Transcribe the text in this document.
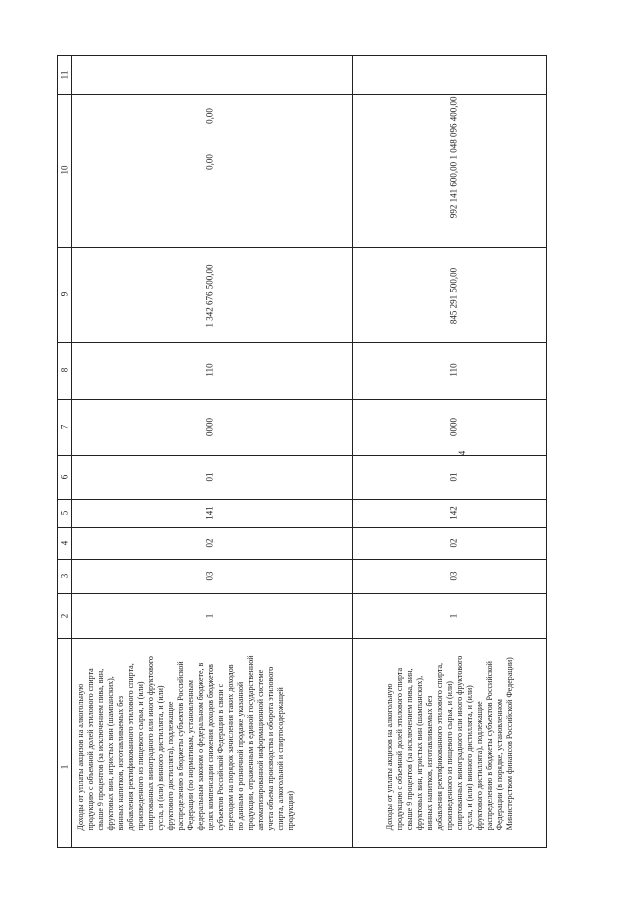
4
1
2
3
4
5
6
7
8
9
10
11
Доходы от уплаты акцизов на алкогольную продукцию с объемной долей этилового спирта свыше 9 процентов (за исключением пива, вин, фруктовых вин, игристых вин (шампанских), винных напитков, изготавливаемых без добавления ректификованного этилового спирта, произведенного из пищевого сырья, и (или) спиртованных виноградного или иного фруктового сусла, и (или) винного дистиллята, и (или) фруктового дистиллята), подлежащие распределению в бюджеты субъектов Российской Федерации (по нормативам, установленным федеральным законом о федеральном бюджете, в целях компенсации снижения доходов бюджетов субъектов Российской Федерации в связи с переходом на порядок зачисления таких доходов по данным о розничной продаже указанной продукции, отраженным в единой государственной автоматизированной информационной системе учета объема производства и оборота этилового спирта, алкогольной и спиртосодержащей продукции)
1
03
02
141
01
0000
110
1 342 676 500,00
0,00
0,00
Доходы от уплаты акцизов на алкогольную продукцию с объемной долей этилового спирта свыше 9 процентов (за исключением пива, вин, фруктовых вин, игристых вин (шампанских), винных напитков, изготавливаемых без добавления ректификованного этилового спирта, произведенного из пищевого сырья, и (или) спиртованных виноградного или иного фруктового сусла, и (или) винного дистиллята, и (или) фруктового дистиллята), подлежащие распределению в бюджеты субъектов Российской Федерации (в порядке, установленном Министерством финансов Российской Федерации)
1
03
02
142
01
0000
110
845 291 500,00
992 141 600,00
1 048 096 400,00
